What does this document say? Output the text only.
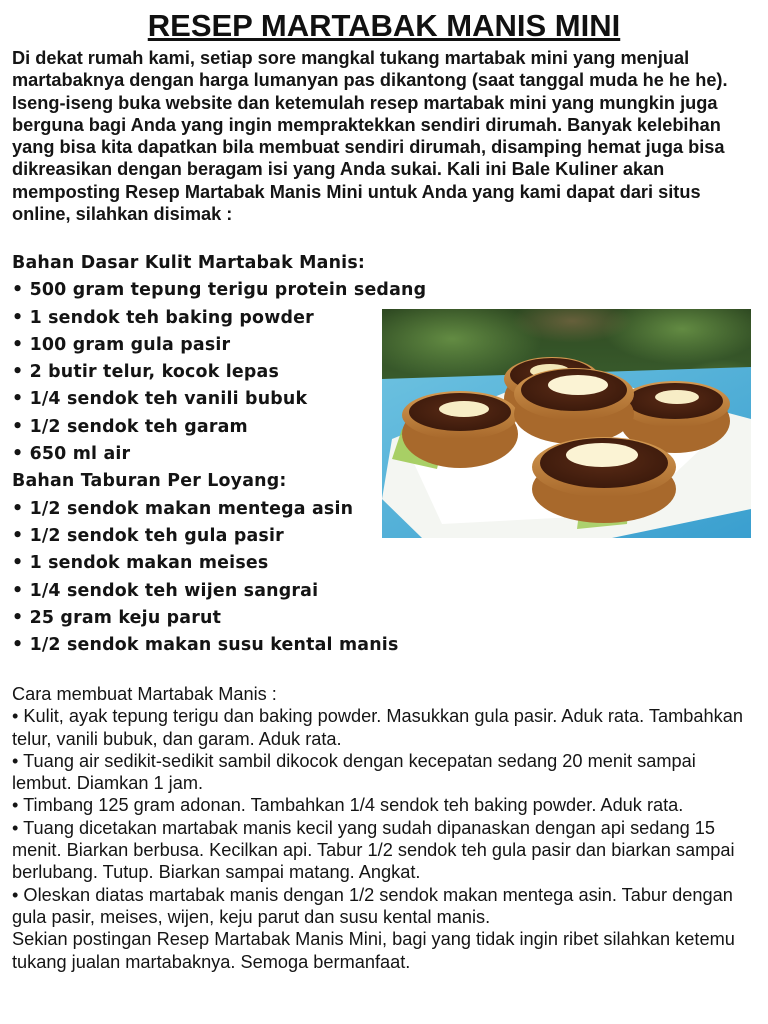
RESEP MARTABAK MANIS MINI

Di dekat rumah kami, setiap sore mangkal tukang martabak mini yang menjual martabaknya dengan harga lumanyan pas dikantong (saat tanggal muda he he he). Iseng-iseng buka website dan ketemulah resep martabak mini yang mungkin juga berguna bagi Anda yang ingin mempraktekkan sendiri dirumah. Banyak kelebihan yang bisa kita dapatkan bila membuat sendiri dirumah, disamping hemat juga bisa dikreasikan dengan beragam isi yang Anda sukai. Kali ini Bale Kuliner akan memposting Resep Martabak Manis Mini untuk Anda yang kami dapat dari situs online, silahkan disimak :

Bahan Dasar Kulit Martabak Manis:
• 500 gram tepung terigu protein sedang
• 1 sendok teh baking powder
• 100 gram gula pasir
• 2 butir telur, kocok lepas
• 1/4 sendok teh vanili bubuk
• 1/2 sendok teh garam
• 650 ml air
Bahan Taburan Per Loyang:
• 1/2 sendok makan mentega asin
• 1/2 sendok teh gula pasir
• 1 sendok makan meises
• 1/4 sendok teh wijen sangrai
• 25 gram keju parut
• 1/2 sendok makan susu kental manis

Cara membuat Martabak Manis :

• Kulit, ayak tepung terigu dan baking powder. Masukkan gula pasir. Aduk rata. Tambahkan telur, vanili bubuk, dan garam. Aduk rata.

• Tuang air sedikit-sedikit sambil dikocok dengan kecepatan sedang 20 menit sampai lembut. Diamkan 1 jam.

• Timbang 125 gram adonan. Tambahkan 1/4 sendok teh baking powder. Aduk rata.

• Tuang dicetakan martabak manis kecil yang sudah dipanaskan dengan api sedang 15 menit. Biarkan berbusa. Kecilkan api. Tabur 1/2 sendok teh gula pasir dan biarkan sampai berlubang. Tutup. Biarkan sampai matang. Angkat.

• Oleskan diatas martabak manis dengan 1/2 sendok makan mentega asin. Tabur dengan gula pasir, meises, wijen, keju parut dan susu kental manis.

Sekian postingan Resep Martabak Manis Mini, bagi yang tidak ingin ribet silahkan ketemu tukang jualan martabaknya. Semoga bermanfaat.
